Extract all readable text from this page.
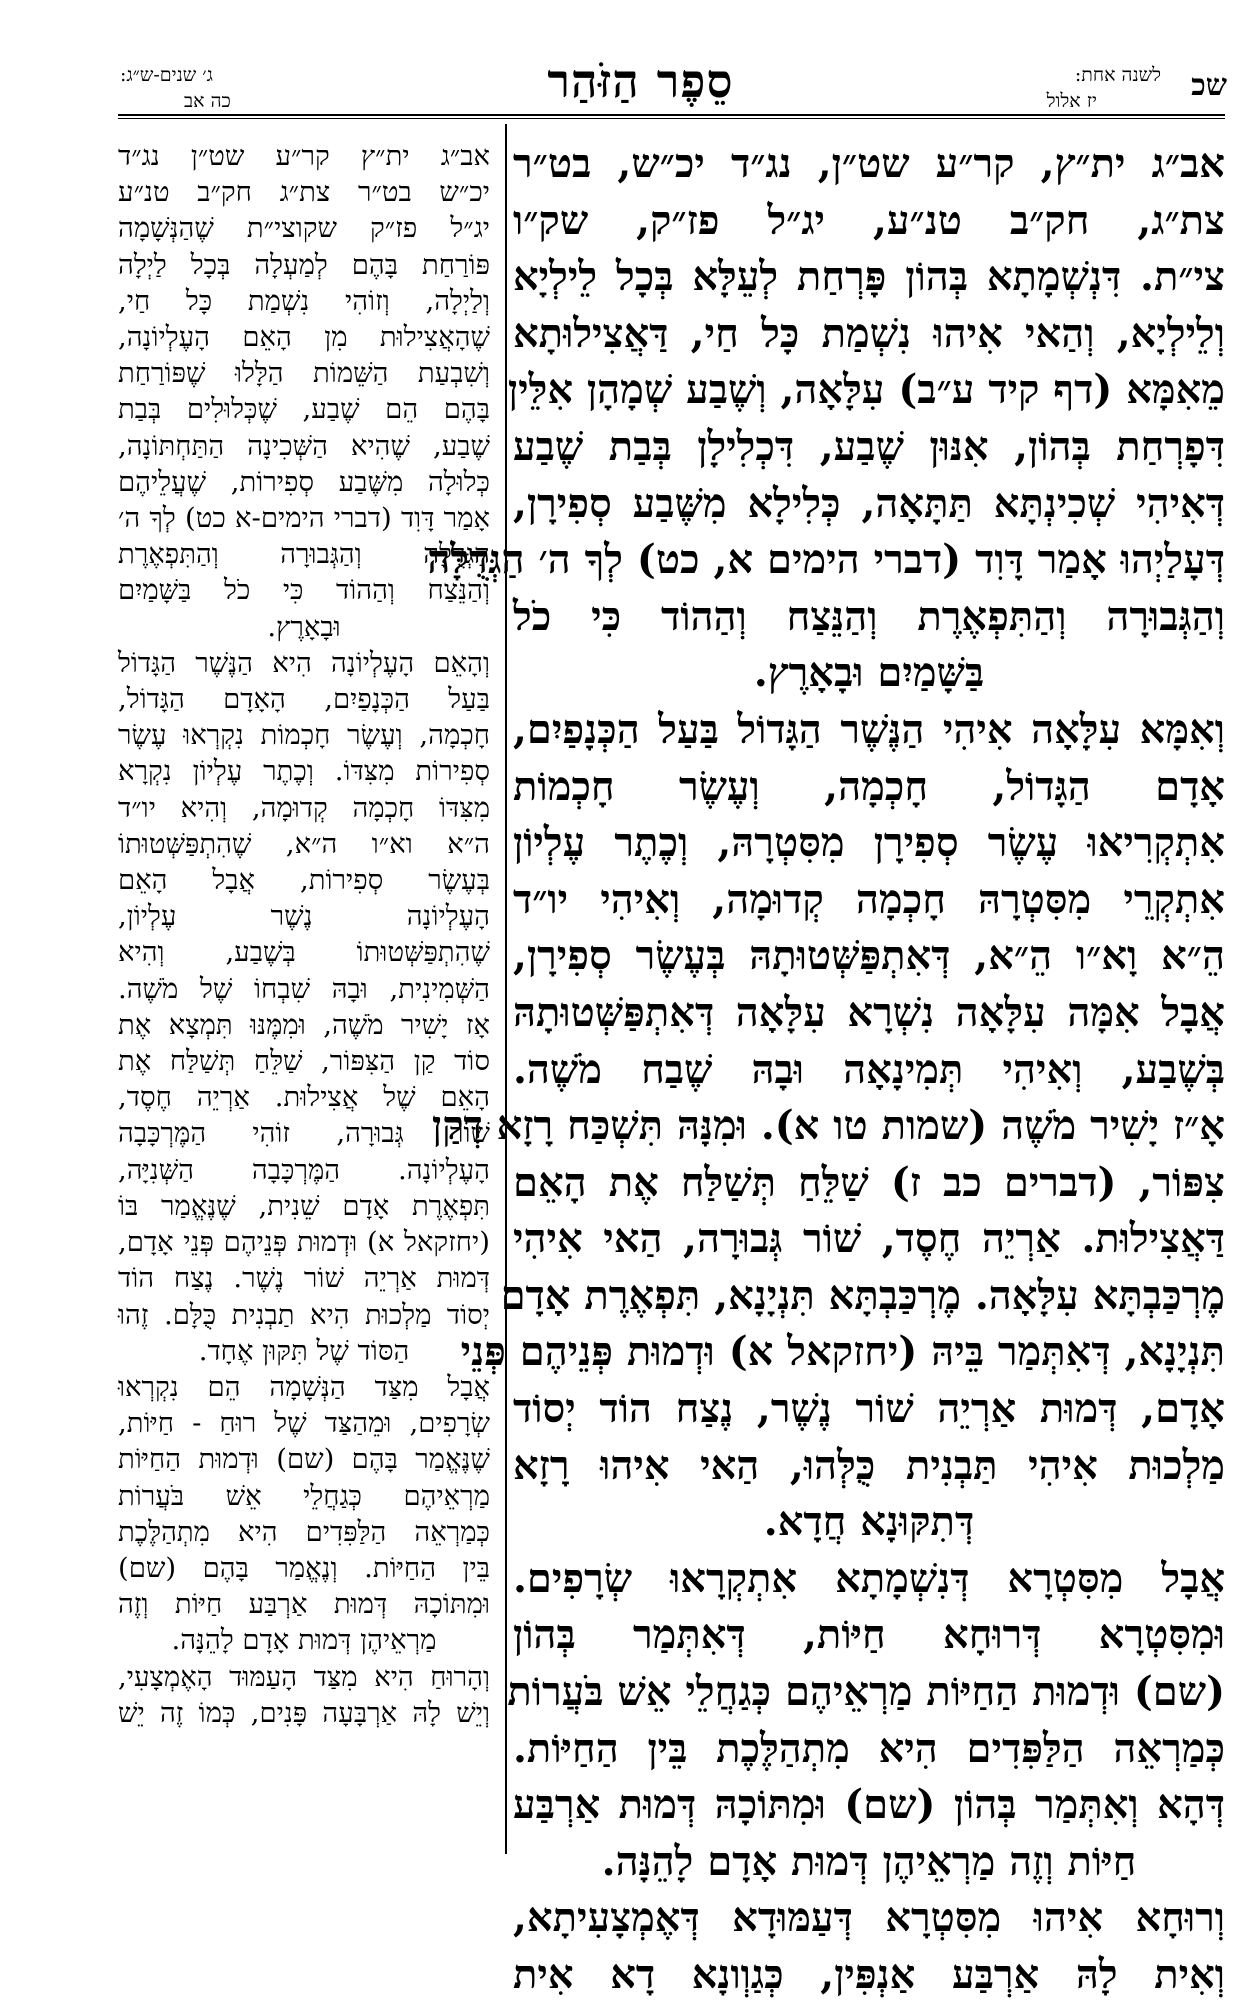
שכ
לשנה אחת:
יז אלול
סֵפֶר הַזֹּהַר
ג׳ שנים-ש״ג:
כה אב
אב״ג ית״ץ, קר״ע שט״ן, נג״ד יכ״ש, בט״ר
צת״ג, חק״ב טנ״ע, יג״ל פז״ק, שק״ו
צי״ת. דִּנְשְׁמָתָא בְּהוֹן פָּרְחַת לְעֵלָּא בְּכָל לֵילְיָא
וְלֵילְיָא, וְהַאי אִיהוּ נִשְׁמַת כָּל חַי, דַּאֲצִילוּתָא
מֵאִמָּא (דף קיד ע״ב) עִלָּאָה, וְשֶׁבַע שְׁמָהָן אִלֵּין
דִּפָרְחַת בְּהוֹן, אִנּוּן שֶׁבַע, דִּכְלִילָן בְּבַת שֶׁבַע
דְּאִיהִי שְׁכִינְתָּא תַּתָּאָה, כְּלִילָא מִשֶּׁבַע סְפִירָן,
דְּעָלַיְהוּ אָמַר דָּוִד (דברי הימים א, כט) לְךָ ה׳ הַגְּדֻלָּה
וְהַגְּבוּרָה וְהַתִּפְאֶרֶת וְהַנֵּצַח וְהַהוֹד כִּי כֹל
בַּשָּׁמַיִם וּבָאָרֶץ.
וְאִמָּא עִלָּאָה אִיהִי הַנֶּשֶׁר הַגָּדוֹל בַּעַל הַכְּנָפַיִם,
אָדָם הַגָּדוֹל, חָכְמָה, וְעֶשֶׂר חָכְמוֹת
אִתְקְרִיאוּ עֶשֶׂר סְפִירָן מִסִּטְרָהּ, וְכֶתֶר עֶלְיוֹן
אִתְקְרֵי מִסִּטְרָהּ חָכְמָה קְדוּמָה, וְאִיהִי יו״ד
הֵ״א וָא״ו הֵ״א, דְּאִתְפַּשְּׁטוּתָהּ בְּעֶשֶׂר סְפִירָן,
אֲבָל אִמָּה עִלָּאָה נִשְׁרָא עִלָּאָה דְּאִתְפַּשְּׁטוּתָהּ
בְּשֶׁבַע, וְאִיהִי תְּמִינָאָה וּבָהּ שֶׁבַח מֹשֶׁה.
אָ״ז יָשִׁיר מֹשֶׁה (שמות טו א). וּמִנָּהּ תִּשְׁכַּח רָזָא דְקַן
צִפּוֹר, (דברים כב ז) שַׁלֵּחַ תְּשַׁלַּח אֶת הָאֵם
דַּאֲצִילוּת. אַרְיֵה חֶסֶד, שׁוֹר גְּבוּרָה, הַאי אִיהִי
מֶרְכַּבְתָּא עִלָּאָה. מֶרְכַּבְתָּא תִּנְיָנָא, תִּפְאֶרֶת אָדָם
תִּנְיָנָא, דְּאִתְּמַר בֵּיהּ (יחזקאל א) וּדְמוּת פְּנֵיהֶם פְּנֵי
אָדָם, דְּמוּת אַרְיֵה שׁוֹר נֶשֶׁר, נֶצַח הוֹד יְסוֹד
מַלְכוּת אִיהִי תַּבְנִית כֻּלְּהוּ, הַאי אִיהוּ רָזָא
דְּתִקּוּנָא חֲדָא.
אֲבָל מִסִּטְרָא דְּנִשְׁמָתָא אִתְקְרָאוּ שְׂרָפִים.
וּמִסִּטְרָא דְּרוּחָא חַיּוֹת, דְּאִתְּמַר בְּהוֹן
(שם) וּדְמוּת הַחַיּוֹת מַרְאֵיהֶם כְּגַחֲלֵי אֵשׁ בֹּעֲרוֹת
כְּמַרְאֵה הַלַּפִּדִים הִיא מִתְהַלֶּכֶת בֵּין הַחַיּוֹת.
דְּהָא וְאִתְּמַר בְּהוֹן (שם) וּמִתּוֹכָהּ דְּמוּת אַרְבַּע
חַיּוֹת וְזֶה מַרְאֵיהֶן דְּמוּת אָדָם לָהֵנָּה.
וְרוּחָא אִיהוּ מִסִּטְרָא דְּעַמּוּדָא דְּאֶמְצָעִיתָא,
וְאִית לָהּ אַרְבַּע אַנְפִּין, כְּגַוְונָא דָא אִית
אב״ג ית״ץ קר״ע שט״ן נג״ד
יכ״ש בט״ר צת״ג חק״ב טנ״ע
יג״ל פז״ק שקוצי״ת שֶׁהַנְּשָׁמָה
פּוֹרַחַת בָּהֶם לְמַעְלָה בְּכָל לַיְלָה
וְלַיְלָה, וְזוֹהִי נִשְׁמַת כָּל חַי,
שֶׁהָאֲצִילוּת מִן הָאֵם הָעֶלְיוֹנָה,
וְשִׁבְעַת הַשֵּׁמוֹת הַלָּלוּ שֶׁפּוֹרַחַת
בָּהֶם הֵם שֶׁבַע, שֶׁכְּלוּלִים בְּבַת
שֶׁבַע, שֶׁהִיא הַשְּׁכִינָה הַתַּחְתּוֹנָה,
כְּלוּלָה מִשֶּׁבַע סְפִירוֹת, שֶׁעֲלֵיהֶם
אָמַר דָּוִד (דברי הימים-א כט) לְךָ ה׳
הַגְּדֻלָּה וְהַגְּבוּרָה וְהַתִּפְאֶרֶת
וְהַנֵּצַח וְהַהוֹד כִּי כֹל בַּשָּׁמַיִם
וּבָאָרֶץ.
וְהָאֵם הָעֶלְיוֹנָה הִיא הַנֶּשֶׁר הַגָּדוֹל
בַּעַל הַכְּנָפַיִם, הָאָדָם הַגָּדוֹל,
חָכְמָה, וְעֶשֶׂר חָכְמוֹת נִקְרְאוּ עֶשֶׂר
סְפִירוֹת מִצִּדּוֹ. וְכֶתֶר עֶלְיוֹן נִקְרָא
מִצִּדּוֹ חָכְמָה קְדוּמָה, וְהִיא יו״ד
ה״א וא״ו ה״א, שֶׁהִתְפַּשְּׁטוּתוֹ
בְּעֶשֶׂר סְפִירוֹת, אֲבָל הָאֵם
הָעֶלְיוֹנָה נֶשֶׁר עֶלְיוֹן,
שֶׁהִתְפַּשְּׁטוּתוֹ בְּשֶׁבַע, וְהִיא
הַשְּׁמִינִית, וּבָהּ שִׁבְחוֹ שֶׁל מֹשֶׁה.
אָז יָשִׁיר מֹשֶׁה, וּמִמֶּנּוּ תִּמְצָא אֶת
סוֹד קַן הַצִּפּוֹר, שַׁלֵּחַ תְּשַׁלַּח אֶת
הָאֵם שֶׁל אֲצִילוּת. אַרְיֵה חֶסֶד,
שׁוֹר גְּבוּרָה, זוֹהִי הַמֶּרְכָּבָה
הָעֶלְיוֹנָה. הַמֶּרְכָּבָה הַשְּׁנִיָּה,
תִּפְאֶרֶת אָדָם שֵׁנִית, שֶׁנֶּאֱמַר בּוֹ
(יחזקאל א) וּדְמוּת פְּנֵיהֶם פְּנֵי אָדָם,
דְּמוּת אַרְיֵה שׁוֹר נֶשֶׁר. נֶצַח הוֹד
יְסוֹד מַלְכוּת הִיא תַבְנִית כֻּלָּם. זֶהוּ
הַסּוֹד שֶׁל תִּקּוּן אֶחָד.
אֲבָל מִצַּד הַנְּשָׁמָה הֵם נִקְרְאוּ
שְׂרָפִים, וּמֵהַצַּד שֶׁל רוּחַ - חַיּוֹת,
שֶׁנֶּאֱמַר בָּהֶם (שם) וּדְמוּת הַחַיּוֹת
מַרְאֵיהֶם כְּגַחֲלֵי אֵשׁ בֹּעֲרוֹת
כְּמַרְאֵה הַלַּפִּדִים הִיא מִתְהַלֶּכֶת
בֵּין הַחַיּוֹת. וְנֶאֱמַר בָּהֶם (שם)
וּמִתּוֹכָהּ דְּמוּת אַרְבַּע חַיּוֹת וְזֶה
מַרְאֵיהֶן דְּמוּת אָדָם לָהֵנָּה.
וְהָרוּחַ הִיא מִצַּד הָעַמּוּד הָאֶמְצָעִי,
וְיֵשׁ לָהּ אַרְבָּעָה פָּנִים, כְּמוֹ זֶה יֵשׁ
